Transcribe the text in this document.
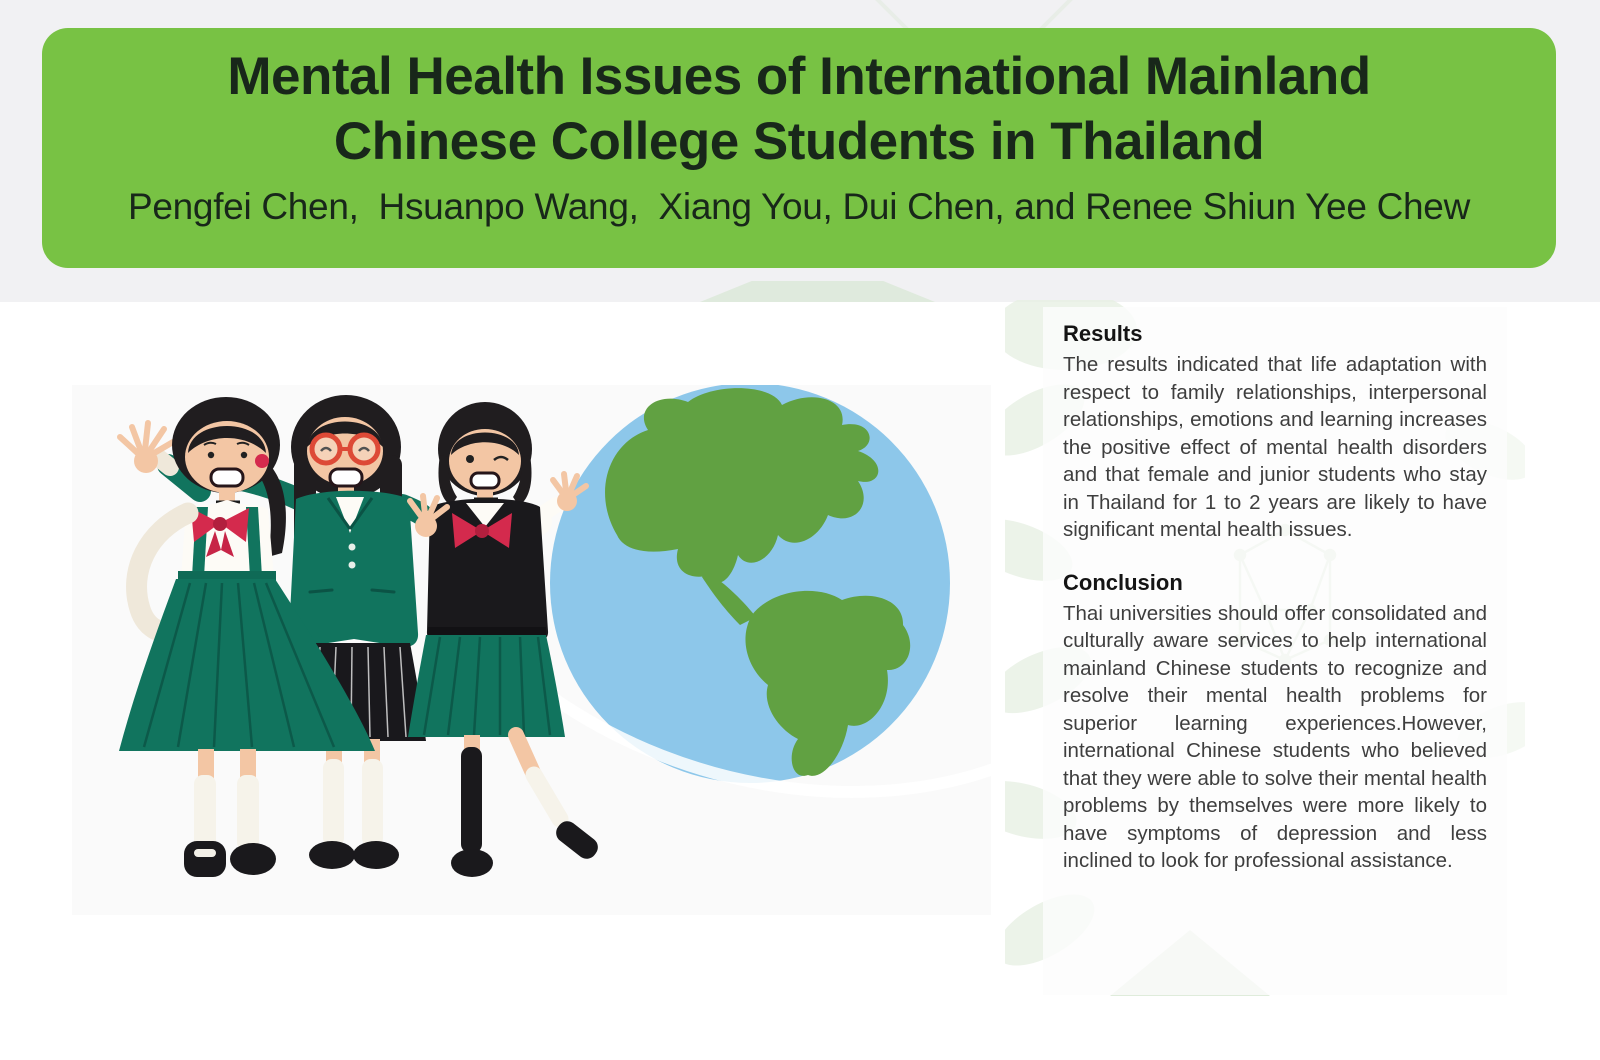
Mental Health Issues of International Mainland
Chinese College Students in Thailand
Pengfei Chen,  Hsuanpo Wang,  Xiang You, Dui Chen, and Renee Shiun Yee Chew
Results

The results indicated that life adaptation with respect to family relationships, interpersonal relationships, emotions and learning increases the positive effect of mental health disorders and that female and junior students who stay in Thailand for 1 to 2 years are likely to have significant mental health issues.

Conclusion

Thai universities should offer consolidated and culturally aware services to help international mainland Chinese students to recognize and resolve their mental health problems for superior learning experiences.However, international Chinese students who believed that they were able to solve their mental health problems by themselves were more likely to have symptoms of depression and less inclined to look for professional assistance.
